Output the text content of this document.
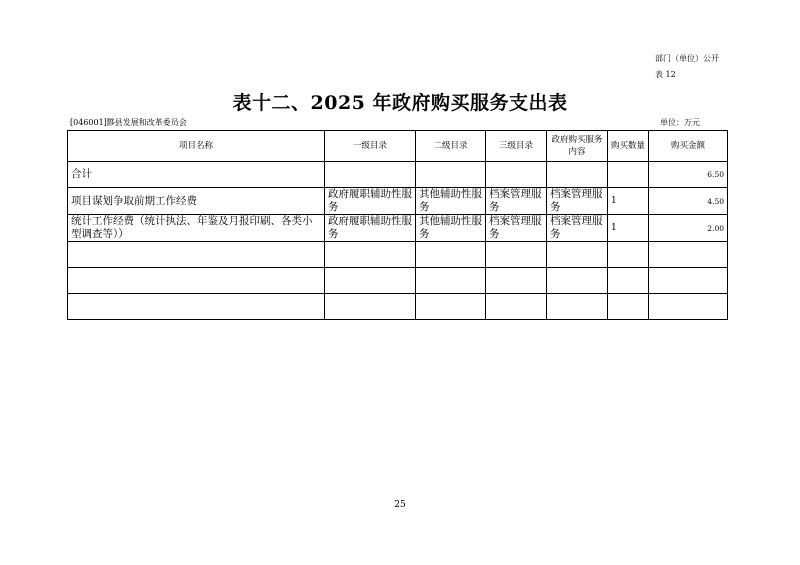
部门（单位）公开
表 12
表十二、2025 年政府购买服务支出表
[046001]黟县发展和改革委员会	单位：万元
项目名称	一级目录	二级目录	三级目录	政府购买服务内容	购买数量	购买金额
合计						6.50
项目谋划争取前期工作经费	政府履职辅助性服务	其他辅助性服务	档案管理服务	档案管理服务	1	4.50
统计工作经费（统计执法、年鉴及月报印刷、各类小型调查等））	政府履职辅助性服务	其他辅助性服务	档案管理服务	档案管理服务	1	2.00

25
